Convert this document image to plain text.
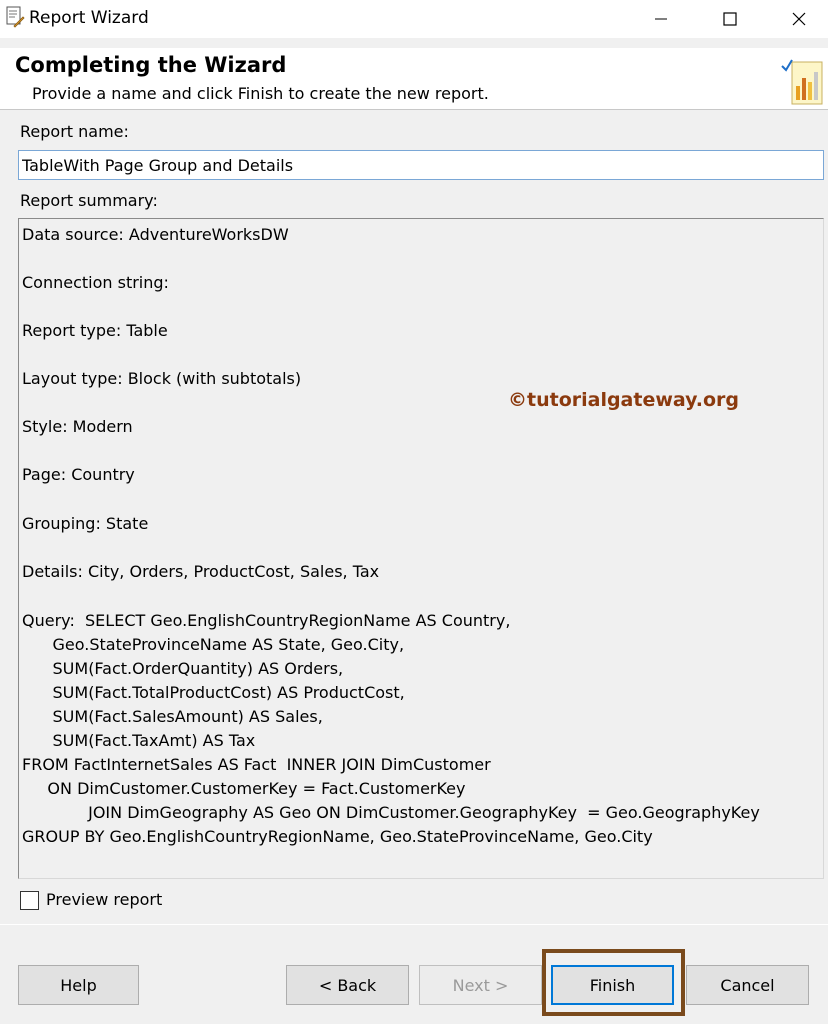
Report Wizard
Completing the Wizard
Provide a name and click Finish to create the new report.
Report name:
TableWith Page Group and Details
Report summary:
Data source: AdventureWorksDW
Connection string:
Report type: Table
Layout type: Block (with subtotals)
Style: Modern
Page: Country
Grouping: State
Details: City, Orders, ProductCost, Sales, Tax
Query:  SELECT Geo.EnglishCountryRegionName AS Country,
Geo.StateProvinceName AS State, Geo.City,
SUM(Fact.OrderQuantity) AS Orders,
SUM(Fact.TotalProductCost) AS ProductCost,
SUM(Fact.SalesAmount) AS Sales,
SUM(Fact.TaxAmt) AS Tax
FROM FactInternetSales AS Fact  INNER JOIN DimCustomer
ON DimCustomer.CustomerKey = Fact.CustomerKey
JOIN DimGeography AS Geo ON DimCustomer.GeographyKey  = Geo.GeographyKey
GROUP BY Geo.EnglishCountryRegionName, Geo.StateProvinceName, Geo.City
©tutorialgateway.org
Preview report
Help	< Back	Next >	Finish	Cancel
